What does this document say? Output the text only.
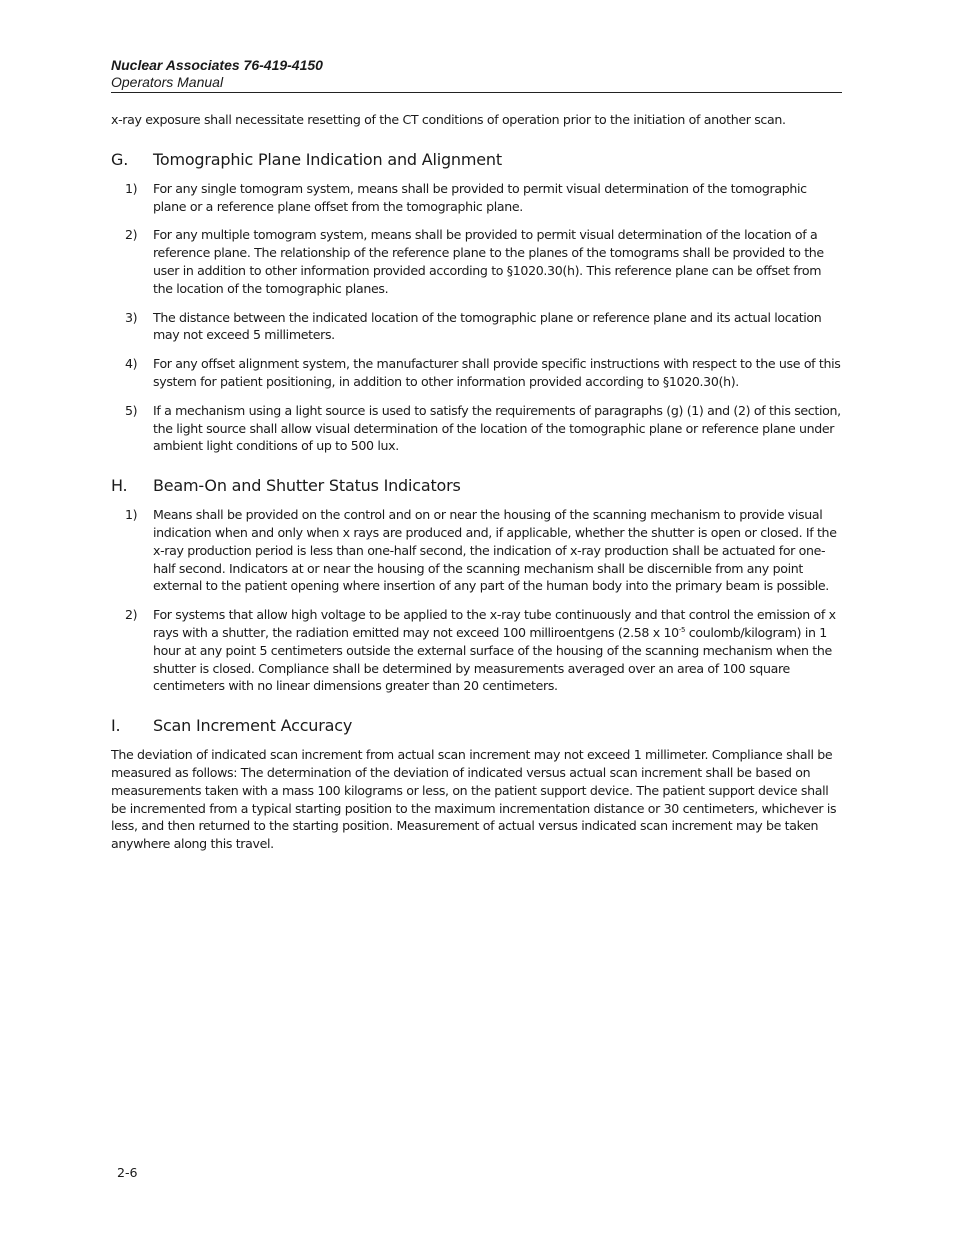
Nuclear Associates 76-419-4150
Operators Manual

x-ray exposure shall necessitate resetting of the CT conditions of operation prior to the initiation of another scan.

G.	Tomographic Plane Indication and Alignment
1)	For any single tomogram system, means shall be provided to permit visual determination of the tomographic plane or a reference plane offset from the tomographic plane.
2)	For any multiple tomogram system, means shall be provided to permit visual determination of the location of a reference plane. The relationship of the reference plane to the planes of the tomograms shall be provided to the user in addition to other information provided according to §1020.30(h). This reference plane can be offset from the location of the tomographic planes.
3)	The distance between the indicated location of the tomographic plane or reference plane and its actual location may not exceed 5 millimeters.
4)	For any offset alignment system, the manufacturer shall provide specific instructions with respect to the use of this system for patient positioning, in addition to other information provided according to §1020.30(h).
5)	If a mechanism using a light source is used to satisfy the requirements of paragraphs (g) (1) and (2) of this section, the light source shall allow visual determination of the location of the tomographic plane or reference plane under ambient light conditions of up to 500 lux.
H.	Beam-On and Shutter Status Indicators
1)	Means shall be provided on the control and on or near the housing of the scanning mechanism to provide visual indication when and only when x rays are produced and, if applicable, whether the shutter is open or closed. If the x-ray production period is less than one-half second, the indication of x-ray production shall be actuated for one-half second. Indicators at or near the housing of the scanning mechanism shall be discernible from any point external to the patient opening where insertion of any part of the human body into the primary beam is possible.
2)	For systems that allow high voltage to be applied to the x-ray tube continuously and that control the emission of x rays with a shutter, the radiation emitted may not exceed 100 milliroentgens (2.58 x $10^{-5}$ coulomb/kilogram) in 1 hour at any point 5 centimeters outside the external surface of the housing of the scanning mechanism when the shutter is closed. Compliance shall be determined by measurements averaged over an area of 100 square centimeters with no linear dimensions greater than 20 centimeters.
I.	Scan Increment Accuracy

The deviation of indicated scan increment from actual scan increment may not exceed 1 millimeter. Compliance shall be measured as follows: The determination of the deviation of indicated versus actual scan increment shall be based on measurements taken with a mass 100 kilograms or less, on the patient support device. The patient support device shall be incremented from a typical starting position to the maximum incrementation distance or 30 centimeters, whichever is less, and then returned to the starting position. Measurement of actual versus indicated scan increment may be taken anywhere along this travel.

2-6
